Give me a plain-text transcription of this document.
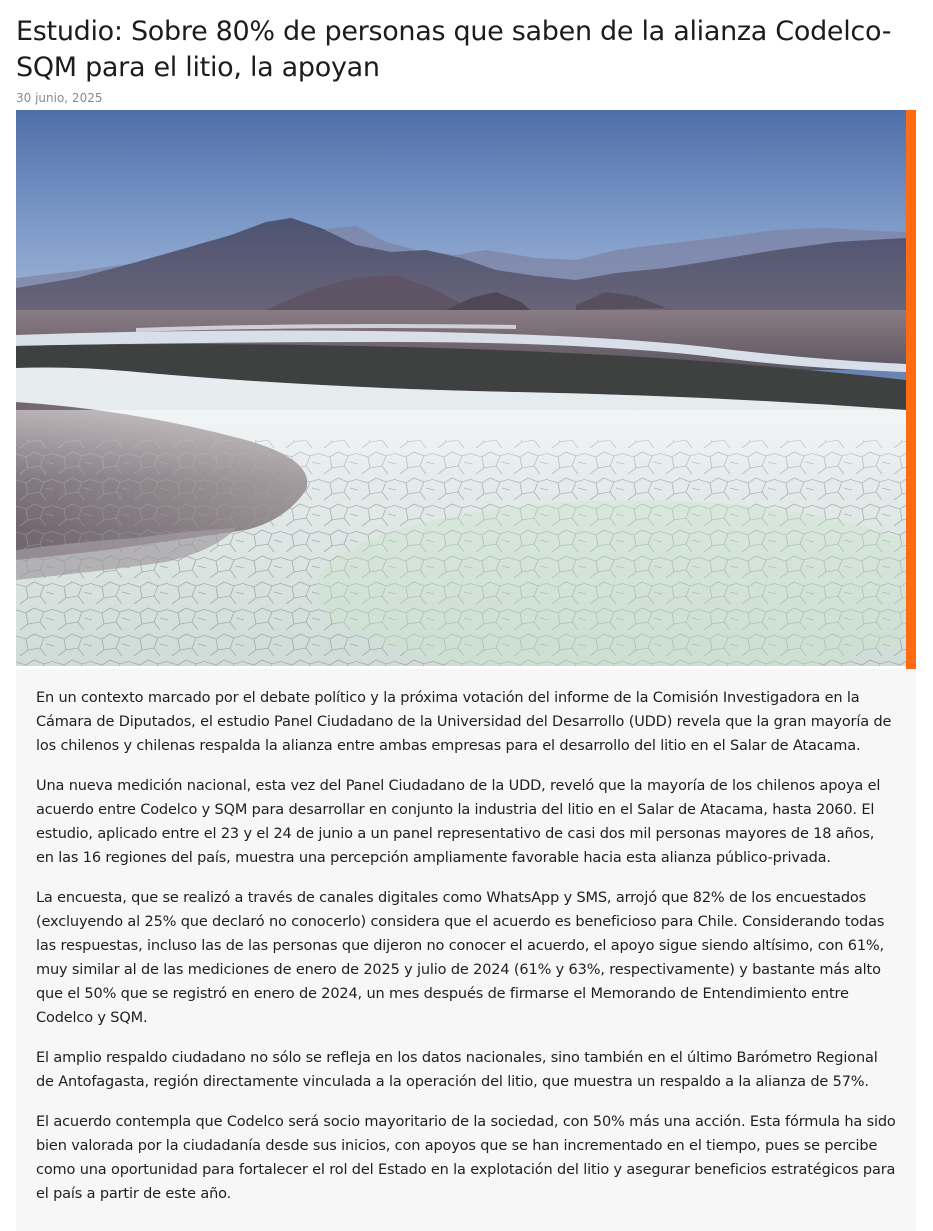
Estudio: Sobre 80% de personas que saben de la alianza Codelco-SQM para el litio, la apoyan
30 junio, 2025

En un contexto marcado por el debate político y la próxima votación del informe de la Comisión Investigadora en la Cámara de Diputados, el estudio Panel Ciudadano de la Universidad del Desarrollo (UDD) revela que la gran mayoría de los chilenos y chilenas respalda la alianza entre ambas empresas para el desarrollo del litio en el Salar de Atacama.

Una nueva medición nacional, esta vez del Panel Ciudadano de la UDD, reveló que la mayoría de los chilenos apoya el acuerdo entre Codelco y SQM para desarrollar en conjunto la industria del litio en el Salar de Atacama, hasta 2060. El estudio, aplicado entre el 23 y el 24 de junio a un panel representativo de casi dos mil personas mayores de 18 años, en las 16 regiones del país, muestra una percepción ampliamente favorable hacia esta alianza público-privada.

La encuesta, que se realizó a través de canales digitales como WhatsApp y SMS, arrojó que 82% de los encuestados (excluyendo al 25% que declaró no conocerlo) considera que el acuerdo es beneficioso para Chile. Considerando todas las respuestas, incluso las de las personas que dijeron no conocer el acuerdo, el apoyo sigue siendo altísimo, con 61%, muy similar al de las mediciones de enero de 2025 y julio de 2024 (61% y 63%, respectivamente) y bastante más alto que el 50% que se registró en enero de 2024, un mes después de firmarse el Memorando de Entendimiento entre Codelco y SQM.

El amplio respaldo ciudadano no sólo se refleja en los datos nacionales, sino también en el último Barómetro Regional de Antofagasta, región directamente vinculada a la operación del litio, que muestra un respaldo a la alianza de 57%.

El acuerdo contempla que Codelco será socio mayoritario de la sociedad, con 50% más una acción. Esta fórmula ha sido bien valorada por la ciudadanía desde sus inicios, con apoyos que se han incrementado en el tiempo, pues se percibe como una oportunidad para fortalecer el rol del Estado en la explotación del litio y asegurar beneficios estratégicos para el país a partir de este año.
